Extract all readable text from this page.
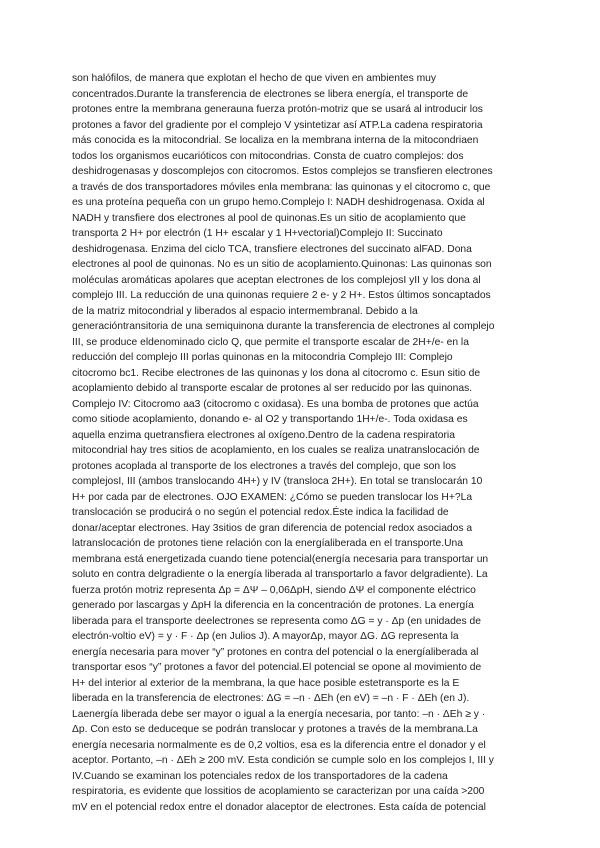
son halófilos, de manera que explotan el hecho de que viven en ambientes muy
concentrados.Durante la transferencia de electrones se libera energía, el transporte de
protones entre la membrana generauna fuerza protón-motriz que se usará al introducir los
protones a favor del gradiente por el complejo V ysintetizar así ATP.La cadena respiratoria
más conocida es la mitocondrial. Se localiza en la membrana interna de la mitocondriaen
todos los organismos eucarióticos con mitocondrias. Consta de cuatro complejos: dos
deshidrogenasas y doscomplejos con citocromos. Estos complejos se transfieren electrones
a través de dos transportadores móviles enla membrana: las quinonas y el citocromo c, que
es una proteína pequeña con un grupo hemo.Complejo I: NADH deshidrogenasa. Oxida al
NADH y transfiere dos electrones al pool de quinonas.Es un sitio de acoplamiento que
transporta 2 H+ por electrón (1 H+ escalar y 1 H+vectorial)Complejo II: Succinato
deshidrogenasa. Enzima del ciclo TCA, transfiere electrones del succinato alFAD. Dona
electrones al pool de quinonas. No es un sitio de acoplamiento.Quinonas: Las quinonas son
moléculas aromáticas apolares que aceptan electrones de los complejosI yII y los dona al
complejo III. La reducción de una quinonas requiere 2 e- y 2 H+. Estos últimos soncaptados
de la matriz mitocondrial y liberados al espacio intermembranal. Debido a la
generacióntransitoria de una semiquinona durante la transferencia de electrones al complejo
III, se produce eldenominado ciclo Q, que permite el transporte escalar de 2H+/e- en la
reducción del complejo III porlas quinonas en la mitocondria Complejo III: Complejo
citocromo bc1. Recibe electrones de las quinonas y los dona al citocromo c. Esun sitio de
acoplamiento debido al transporte escalar de protones al ser reducido por las quinonas.
Complejo IV: Citocromo aa3 (citocromo c oxidasa). Es una bomba de protones que actúa
como sitiode acoplamiento, donando e- al O2 y transportando 1H+/e-. Toda oxidasa es
aquella enzima quetransfiera electrones al oxígeno.Dentro de la cadena respiratoria
mitocondrial hay tres sitios de acoplamiento, en los cuales se realiza unatranslocación de
protones acoplada al transporte de los electrones a través del complejo, que son los
complejosI, III (ambos translocando 4H+) y IV (transloca 2H+). En total se translocarán 10
H+ por cada par de electrones. OJO EXAMEN: ¿Cómo se pueden translocar los H+?La
translocación se producirá o no según el potencial redox.Éste indica la facilidad de
donar/aceptar electrones. Hay 3sitios de gran diferencia de potencial redox asociados a
latranslocación de protones tiene relación con la energíaliberada en el transporte.Una
membrana está energetizada cuando tiene potencial(energía necesaria para transportar un
soluto en contra delgradiente o la energía liberada al transportarlo a favor delgradiente). La
fuerza protón motriz representa Δp = ΔΨ – 0,06ΔpH, siendo ΔΨ el componente eléctrico
generado por lascargas y ΔpH la diferencia en la concentración de protones. La energía
liberada para el transporte deelectrones se representa como ΔG = y · Δp (en unidades de
electrón-voltio eV) = y · F · Δp (en Julios J). A mayorΔp, mayor ΔG. ΔG representa la
energía necesaria para mover “y” protones en contra del potencial o la energíaliberada al
transportar esos “y” protones a favor del potencial.El potencial se opone al movimiento de
H+ del interior al exterior de la membrana, la que hace posible estetransporte es la E
liberada en la transferencia de electrones: ΔG = –n · ΔEh (en eV) = –n · F · ΔEh (en J).
Laenergía liberada debe ser mayor o igual a la energía necesaria, por tanto: –n · ΔEh ≥ y ·
Δp. Con esto se deduceque se podrán translocar y protones a través de la membrana.La
energía necesaria normalmente es de 0,2 voltios, esa es la diferencia entre el donador y el
aceptor. Portanto, –n · ΔEh ≥ 200 mV. Esta condición se cumple solo en los complejos I, III y
IV.Cuando se examinan los potenciales redox de los transportadores de la cadena
respiratoria, es evidente que lossitios de acoplamiento se caracterizan por una caída >200
mV en el potencial redox entre el donador alaceptor de electrones. Esta caída de potencial
